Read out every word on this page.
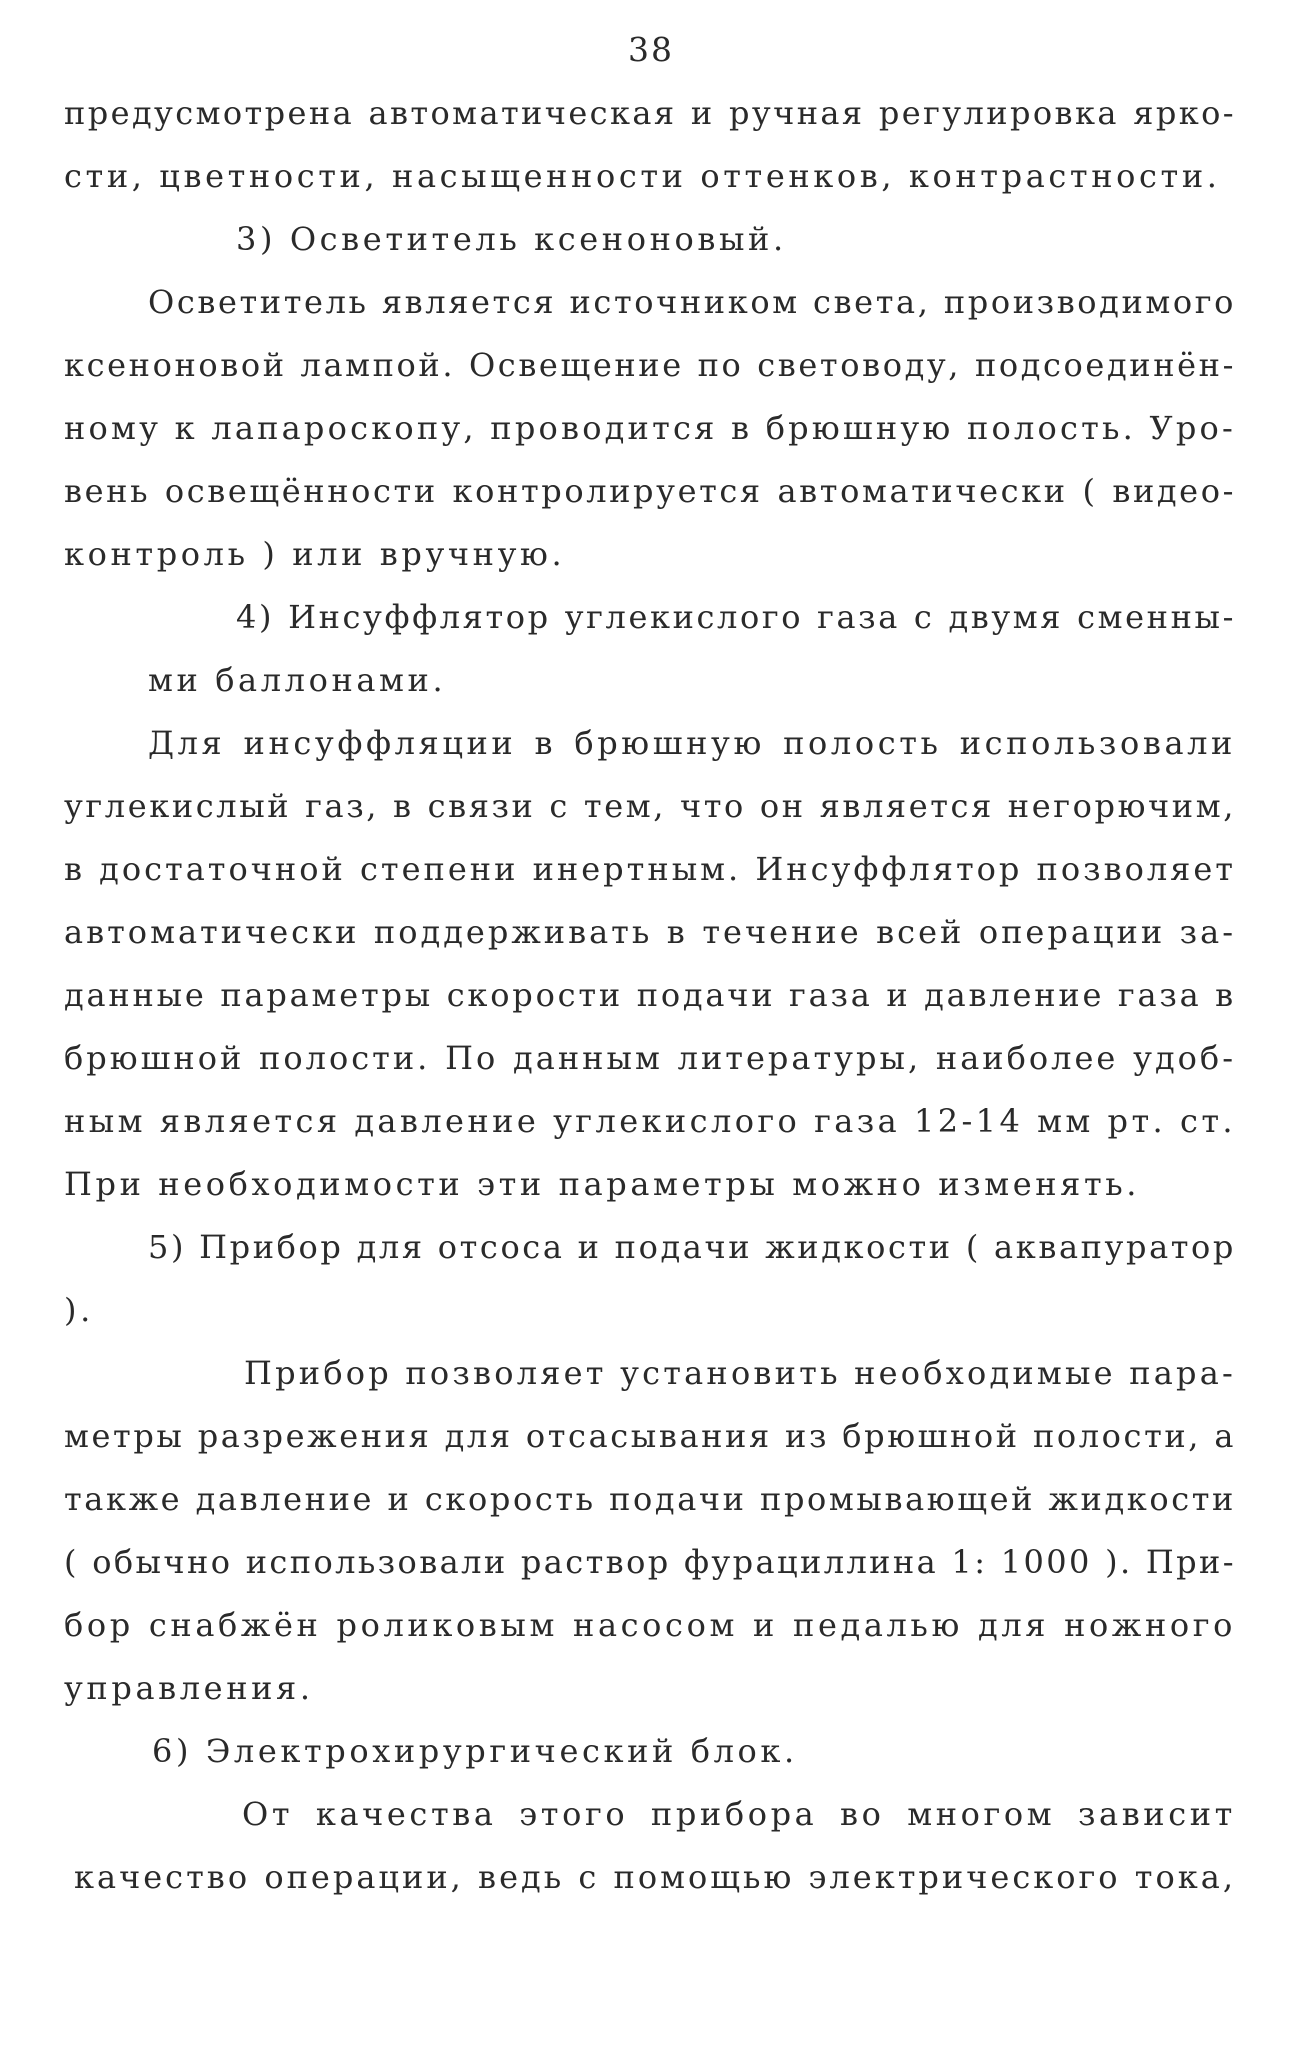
38
предусмотрена автоматическая и ручная регулировка ярко-
сти, цветности, насыщенности оттенков, контрастности.
3) Осветитель ксеноновый.
Осветитель является источником света, производимого
ксеноновой лампой. Освещение по световоду, подсоединён-
ному к лапароскопу, проводится в брюшную полость. Уро-
вень освещённости контролируется автоматически ( видео-
контроль ) или вручную.
4) Инсуффлятор углекислого газа с двумя сменны-
ми баллонами.
Для инсуффляции в брюшную полость использовали
углекислый газ, в связи с тем, что он является негорючим,
в достаточной степени инертным. Инсуффлятор позволяет
автоматически поддерживать в течение всей операции за-
данные параметры скорости подачи газа и давление газа в
брюшной полости. По данным литературы, наиболее удоб-
ным является давление углекислого газа 12-14 мм рт. ст.
При необходимости эти параметры можно изменять.
5) Прибор для отсоса и подачи жидкости ( аквапуратор
).
Прибор позволяет установить необходимые пара-
метры разрежения для отсасывания из брюшной полости, а
также давление и скорость подачи промывающей жидкости
( обычно использовали раствор фурациллина 1: 1000 ). При-
бор снабжён роликовым насосом и педалью для ножного
управления.
6) Электрохирургический блок.
От качества этого прибора во многом зависит
качество операции, ведь с помощью электрического тока,
